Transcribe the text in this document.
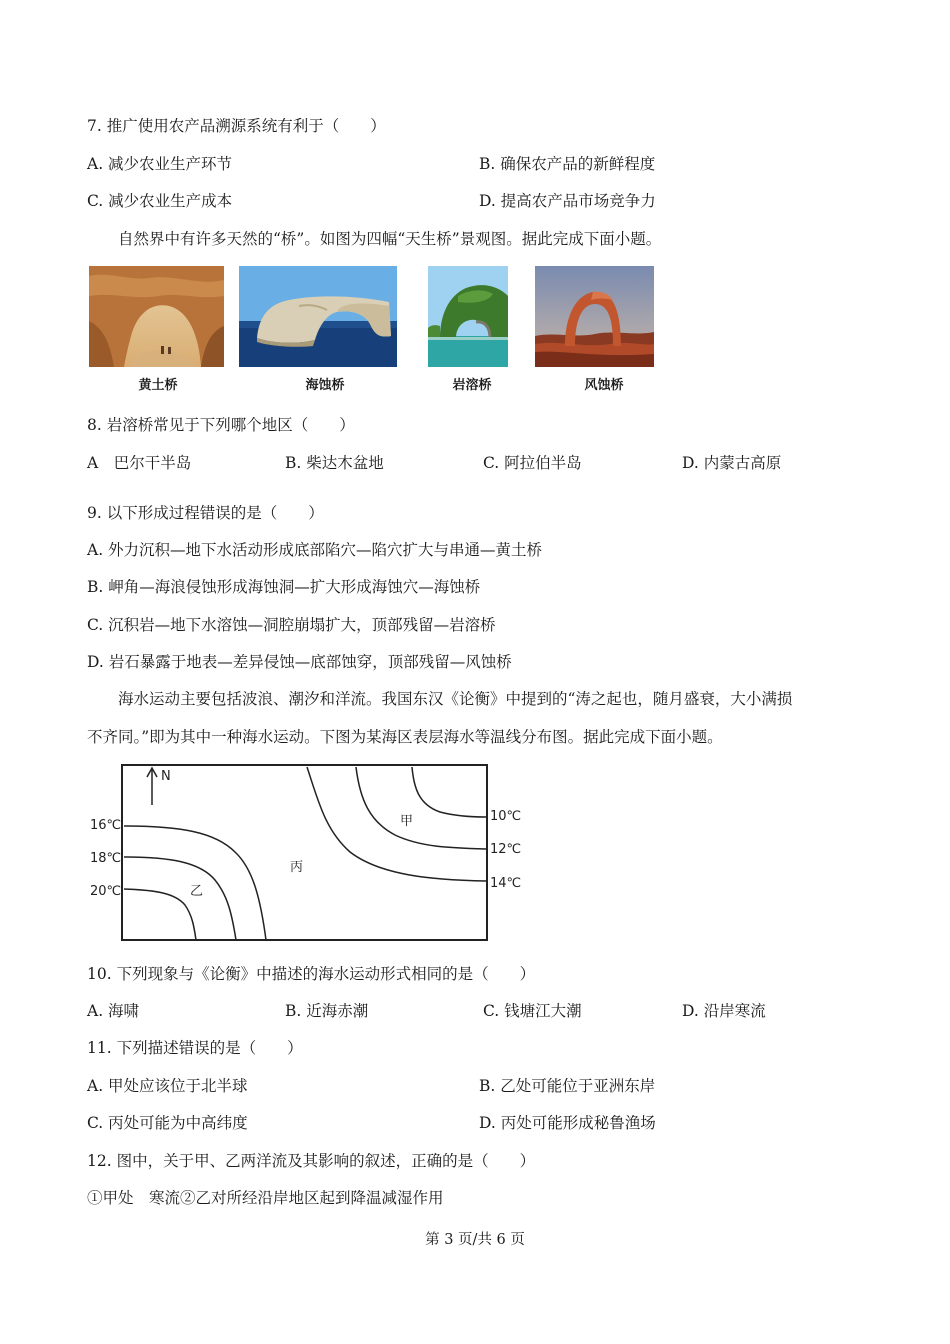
7. 推广使用农产品溯源系统有利于（　　）
A. 减少农业生产环节	B. 确保农产品的新鲜程度
C. 减少农业生产成本	D. 提高农产品市场竞争力
自然界中有许多天然的“桥”。如图为四幅“天生桥”景观图。据此完成下面小题。
黄土桥	海蚀桥	岩溶桥	风蚀桥
8. 岩溶桥常见于下列哪个地区（　　）
A　巴尔干半岛	B. 柴达木盆地	C. 阿拉伯半岛	D. 内蒙古高原
9. 以下形成过程错误的是（　　）
A. 外力沉积—地下水活动形成底部陷穴—陷穴扩大与串通—黄土桥
B. 岬角—海浪侵蚀形成海蚀洞—扩大形成海蚀穴—海蚀桥
C. 沉积岩—地下水溶蚀—洞腔崩塌扩大，顶部残留—岩溶桥
D. 岩石暴露于地表—差异侵蚀—底部蚀穿，顶部残留—风蚀桥
海水运动主要包括波浪、潮汐和洋流。我国东汉《论衡》中提到的“涛之起也，随月盛衰，大小满损
不齐同。”即为其中一种海水运动。下图为某海区表层海水等温线分布图。据此完成下面小题。
N
16℃
18℃
20℃
10℃
12℃
14℃
甲
乙
丙
10. 下列现象与《论衡》中描述的海水运动形式相同的是（　　）
A. 海啸	B. 近海赤潮	C. 钱塘江大潮	D. 沿岸寒流
11. 下列描述错误的是（　　）
A. 甲处应该位于北半球	B. 乙处可能位于亚洲东岸
C. 丙处可能为中高纬度	D. 丙处可能形成秘鲁渔场
12. 图中，关于甲、乙两洋流及其影响的叙述，正确的是（　　）
①甲处　寒流②乙对所经沿岸地区起到降温减湿作用
第 3 页/共 6 页
